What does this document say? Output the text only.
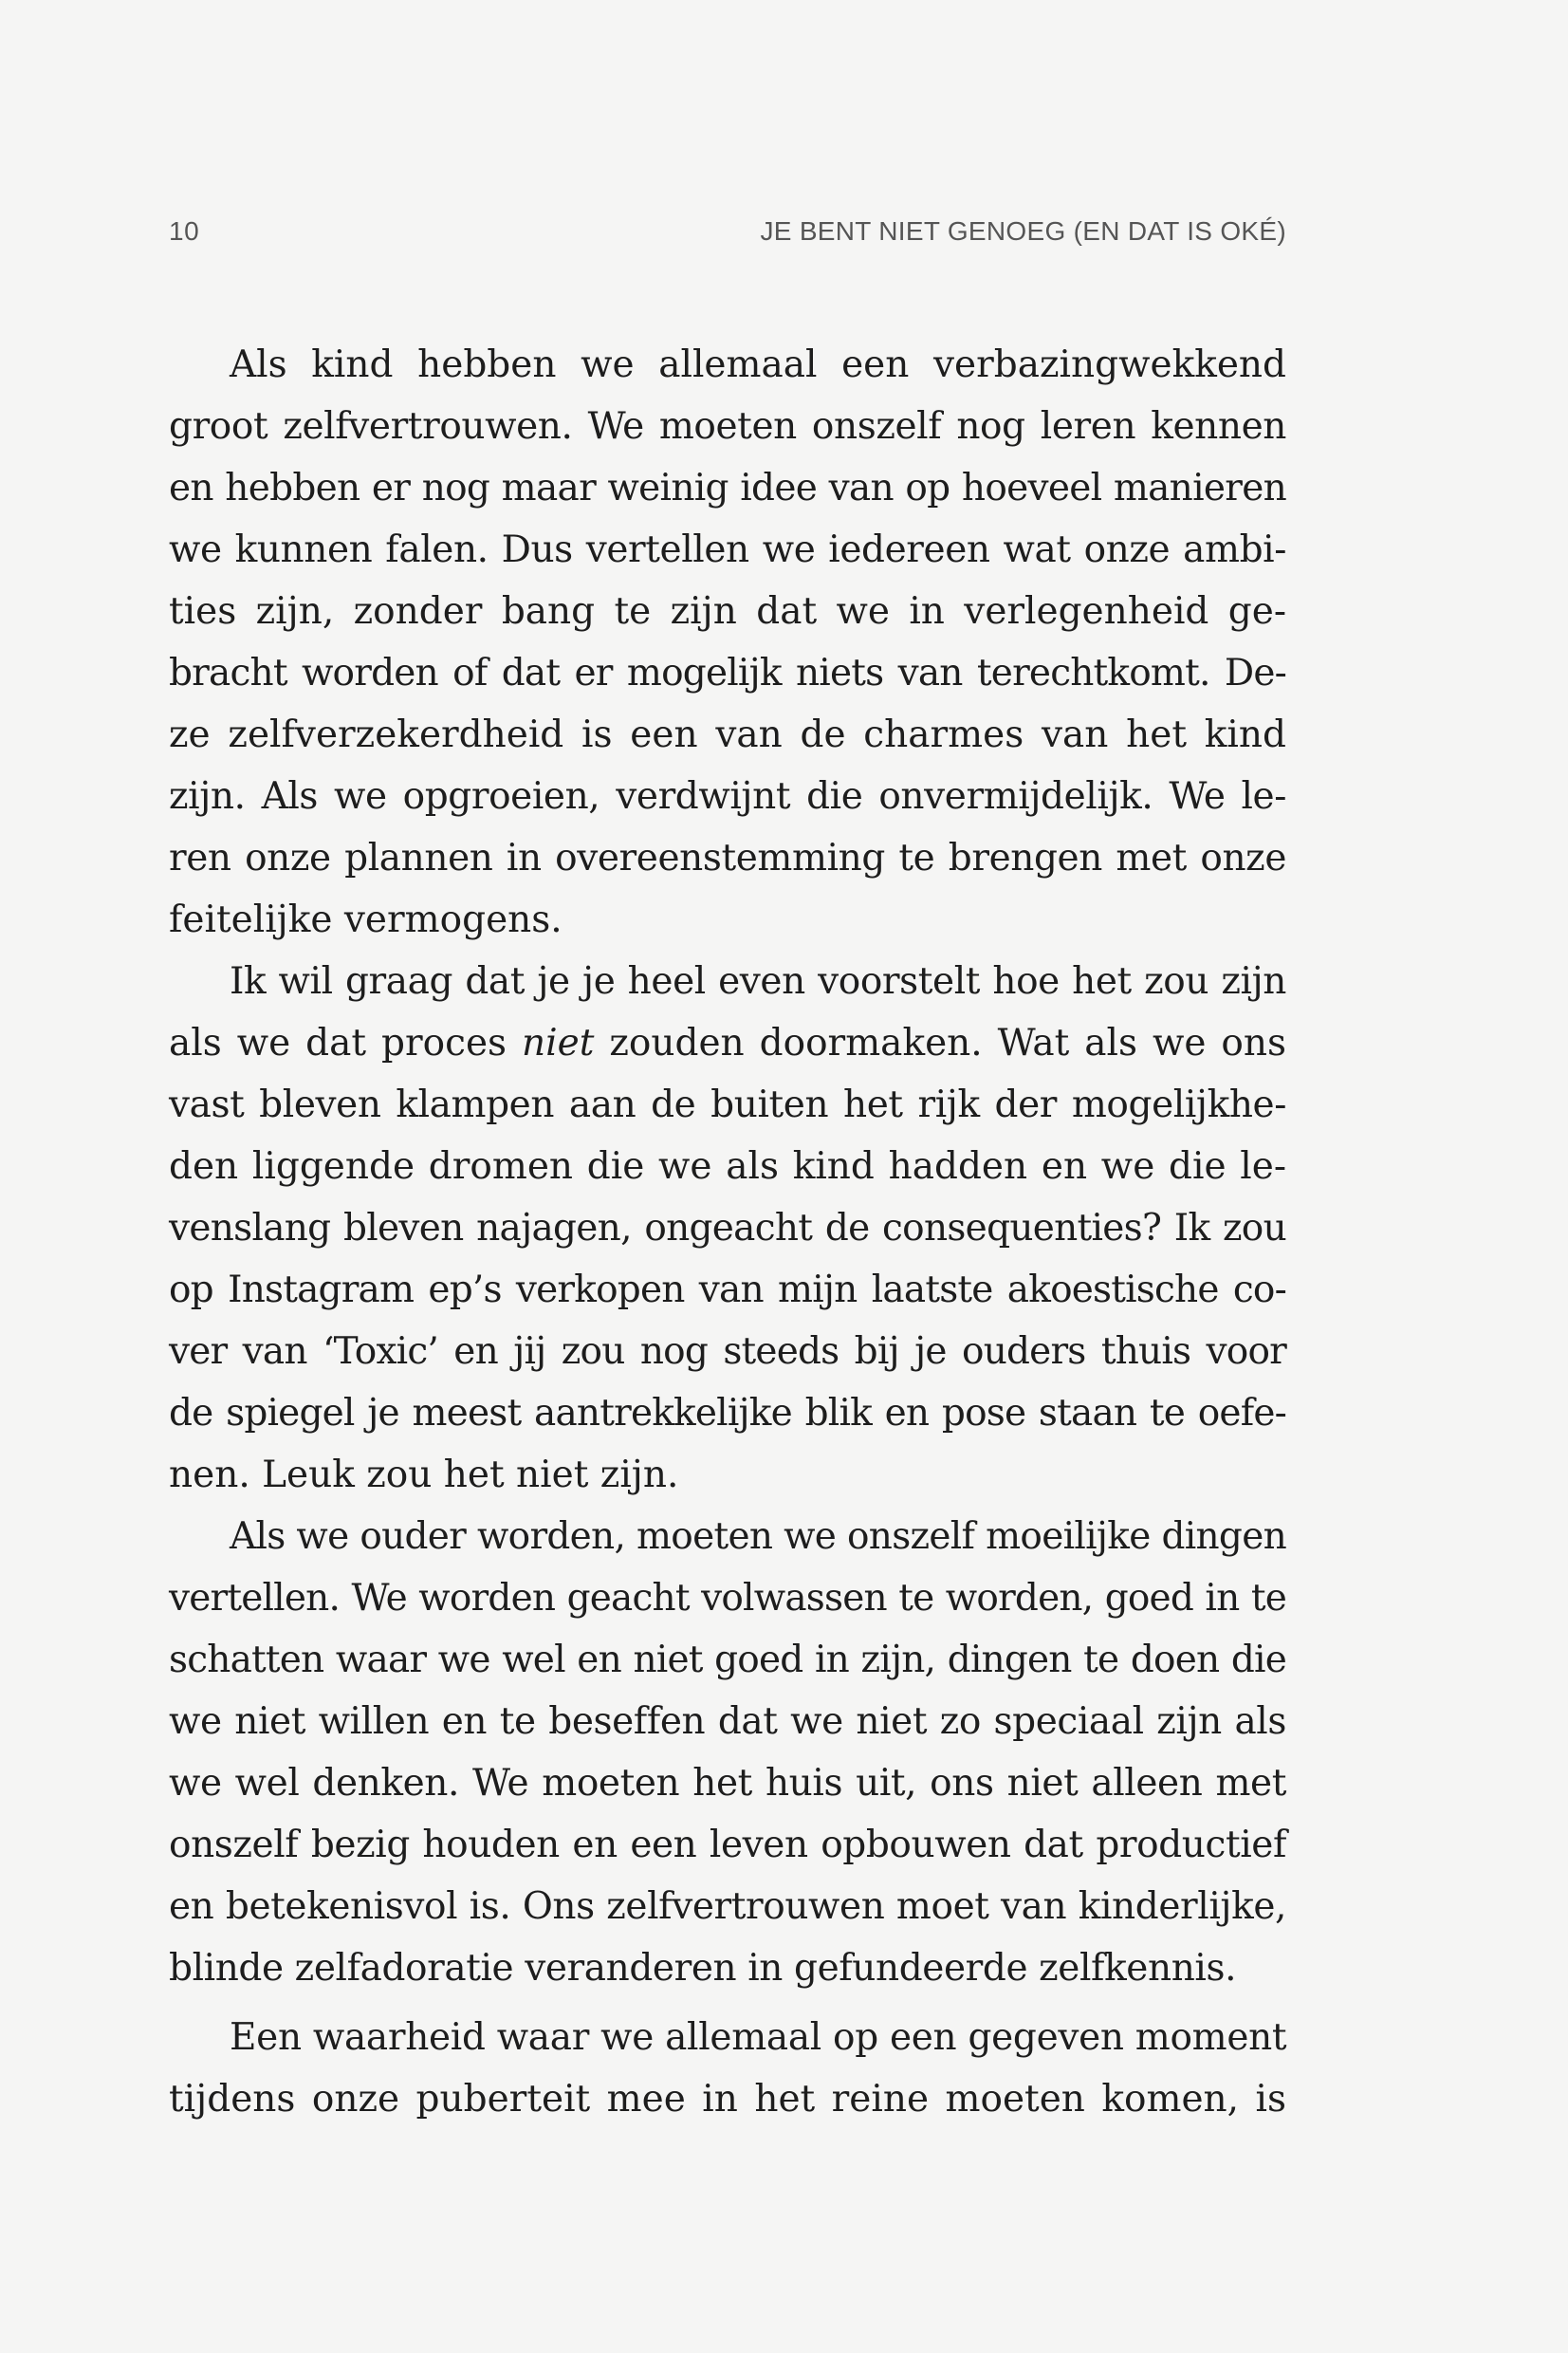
10	JE BENT NIET GENOEG (EN DAT IS OKÉ)
Als kind hebben we allemaal een verbazingwekkend
groot zelfvertrouwen. We moeten onszelf nog leren kennen
en hebben er nog maar weinig idee van op hoeveel manieren
we kunnen falen. Dus vertellen we iedereen wat onze ambi-
ties zijn, zonder bang te zijn dat we in verlegenheid ge-
bracht worden of dat er mogelijk niets van terechtkomt. De-
ze zelfverzekerdheid is een van de charmes van het kind
zijn. Als we opgroeien, verdwijnt die onvermijdelijk. We le-
ren onze plannen in overeenstemming te brengen met onze
feitelijke vermogens.
Ik wil graag dat je je heel even voorstelt hoe het zou zijn
als we dat proces niet zouden doormaken. Wat als we ons
vast bleven klampen aan de buiten het rijk der mogelijkhe-
den liggende dromen die we als kind hadden en we die le-
venslang bleven najagen, ongeacht de consequenties? Ik zou
op Instagram ep’s verkopen van mijn laatste akoestische co-
ver van ‘Toxic’ en jij zou nog steeds bij je ouders thuis voor
de spiegel je meest aantrekkelijke blik en pose staan te oefe-
nen. Leuk zou het niet zijn.
Als we ouder worden, moeten we onszelf moeilijke dingen
vertellen. We worden geacht volwassen te worden, goed in te
schatten waar we wel en niet goed in zijn, dingen te doen die
we niet willen en te beseffen dat we niet zo speciaal zijn als
we wel denken. We moeten het huis uit, ons niet alleen met
onszelf bezig houden en een leven opbouwen dat productief
en betekenisvol is. Ons zelfvertrouwen moet van kinderlijke,
blinde zelfadoratie veranderen in gefundeerde zelfkennis.
Een waarheid waar we allemaal op een gegeven moment
tijdens onze puberteit mee in het reine moeten komen, is
